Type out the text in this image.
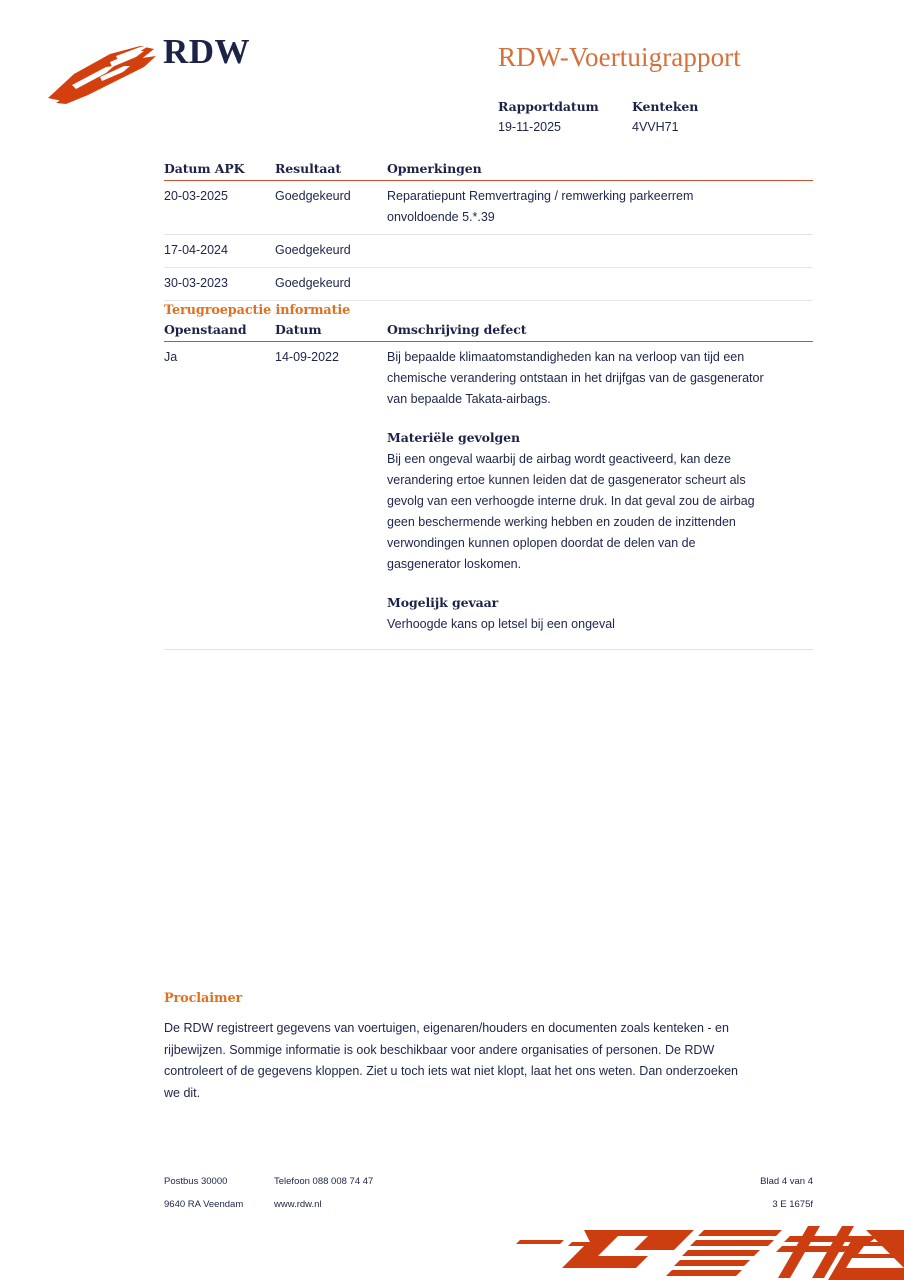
RDW	RDW-Voertuigrapport
Rapportdatum
19-11-2025
Kenteken
4VVH71
Datum APK	Resultaat	Opmerkingen
20-03-2025	Goedgekeurd	Reparatiepunt Remvertraging / remwerking parkeerrem
onvoldoende 5.*.39
17-04-2024	Goedgekeurd
30-03-2023	Goedgekeurd
Terugroepactie informatie
Openstaand	Datum	Omschrijving defect
Ja	14-09-2022	Bij bepaalde klimaatomstandigheden kan na verloop van tijd een
chemische verandering ontstaan in het drijfgas van de gasgenerator
van bepaalde Takata-airbags.
Materiële gevolgen
Bij een ongeval waarbij de airbag wordt geactiveerd, kan deze
verandering ertoe kunnen leiden dat de gasgenerator scheurt als
gevolg van een verhoogde interne druk. In dat geval zou de airbag
geen beschermende werking hebben en zouden de inzittenden
verwondingen kunnen oplopen doordat de delen van de
gasgenerator loskomen.
Mogelijk gevaar
Verhoogde kans op letsel bij een ongeval
Proclaimer
De RDW registreert gegevens van voertuigen, eigenaren/houders en documenten zoals kenteken - en
rijbewijzen. Sommige informatie is ook beschikbaar voor andere organisaties of personen. De RDW
controleert of de gegevens kloppen. Ziet u toch iets wat niet klopt, laat het ons weten. Dan onderzoeken
we dit.
Postbus 30000	Telefoon 088 008 74 47	Blad 4 van 4
9640 RA Veendam	www.rdw.nl	3 E 1675f
